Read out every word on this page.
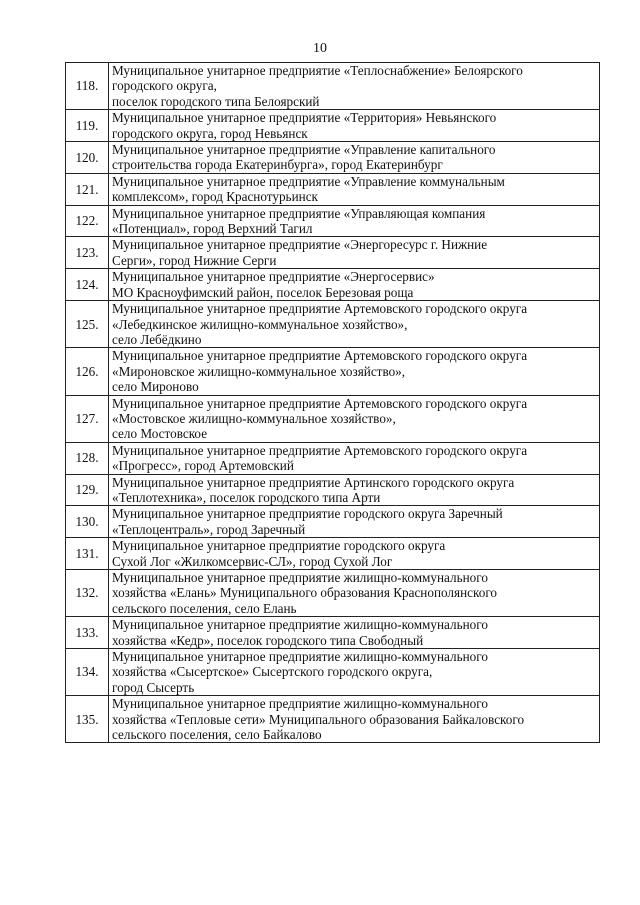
10
118.	Муниципальное унитарное предприятие «Теплоснабжение» Белоярского
городского округа,
поселок городского типа Белоярский

119.	Муниципальное унитарное предприятие «Территория» Невьянского
городского округа, город Невьянск

120.	Муниципальное унитарное предприятие «Управление капитального
строительства города Екатеринбурга», город Екатеринбург

121.	Муниципальное унитарное предприятие «Управление коммунальным
комплексом», город Краснотурьинск

122.	Муниципальное унитарное предприятие «Управляющая компания
«Потенциал», город Верхний Тагил

123.	Муниципальное унитарное предприятие «Энергоресурс г. Нижние
Серги», город Нижние Серги

124.	Муниципальное унитарное предприятие «Энергосервис»
МО Красноуфимский район, поселок Березовая роща

125.	Муниципальное унитарное предприятие Артемовского городского округа
«Лебедкинское жилищно-коммунальное хозяйство»,
село Лебёдкино

126.	Муниципальное унитарное предприятие Артемовского городского округа
«Мироновское жилищно-коммунальное хозяйство»,
село Мироново

127.	Муниципальное унитарное предприятие Артемовского городского округа
«Мостовское жилищно-коммунальное хозяйство»,
село Мостовское

128.	Муниципальное унитарное предприятие Артемовского городского округа
«Прогресс», город Артемовский

129.	Муниципальное унитарное предприятие Артинского городского округа
«Теплотехника», поселок городского типа Арти

130.	Муниципальное унитарное предприятие городского округа Заречный
«Теплоцентраль», город Заречный

131.	Муниципальное унитарное предприятие городского округа
Сухой Лог «Жилкомсервис-СЛ», город Сухой Лог

132.	Муниципальное унитарное предприятие жилищно-коммунального
хозяйства «Елань» Муниципального образования Краснополянского
сельского поселения, село Елань

133.	Муниципальное унитарное предприятие жилищно-коммунального
хозяйства «Кедр», поселок городского типа Свободный

134.	Муниципальное унитарное предприятие жилищно-коммунального
хозяйства «Сысертское» Сысертского городского округа,
город Сысерть

135.	Муниципальное унитарное предприятие жилищно-коммунального
хозяйства «Тепловые сети» Муниципального образования Байкаловского
сельского поселения, село Байкалово
